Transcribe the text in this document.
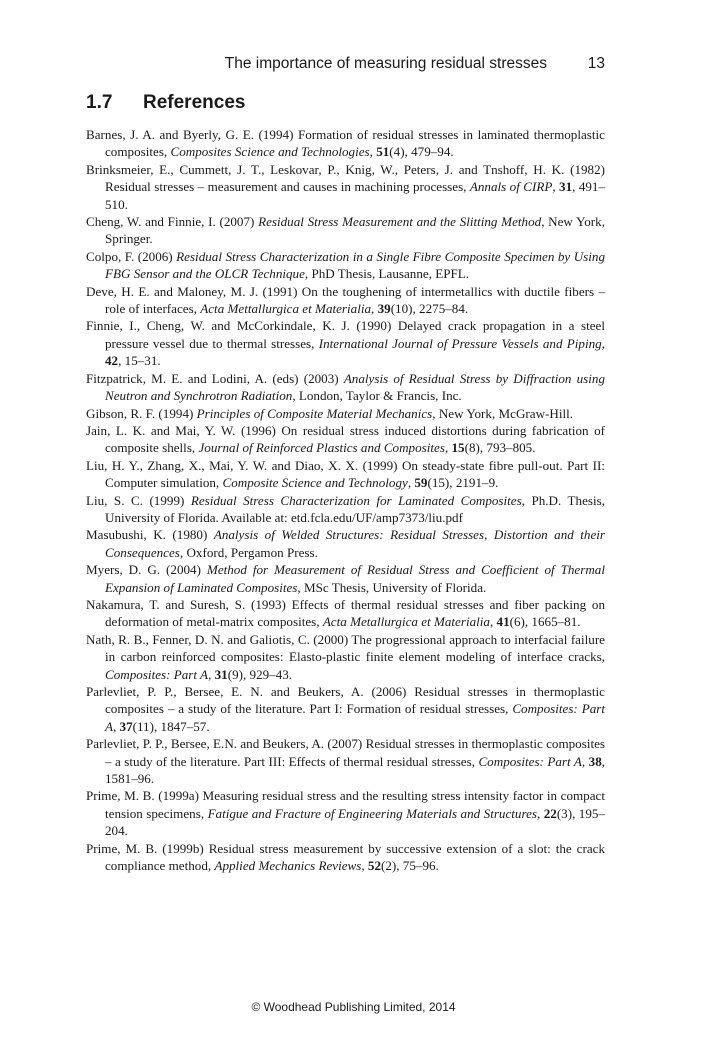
The importance of measuring residual stresses	13
1.7 References

Barnes, J. A. and Byerly, G. E. (1994) Formation of residual stresses in laminated thermoplastic composites, Composites Science and Technologies, 51(4), 479–94.

Brinksmeier, E., Cummett, J. T., Leskovar, P., Knig, W., Peters, J. and Tnshoff, H. K. (1982) Residual stresses – measurement and causes in machining processes, Annals of CIRP, 31, 491–510.

Cheng, W. and Finnie, I. (2007) Residual Stress Measurement and the Slitting Method, New York, Springer.

Colpo, F. (2006) Residual Stress Characterization in a Single Fibre Composite Specimen by Using FBG Sensor and the OLCR Technique, PhD Thesis, Lausanne, EPFL.

Deve, H. E. and Maloney, M. J. (1991) On the toughening of intermetallics with ductile fibers – role of interfaces, Acta Mettallurgica et Materialia, 39(10), 2275–84.

Finnie, I., Cheng, W. and McCorkindale, K. J. (1990) Delayed crack propagation in a steel pressure vessel due to thermal stresses, International Journal of Pressure Vessels and Piping, 42, 15–31.

Fitzpatrick, M. E. and Lodini, A. (eds) (2003) Analysis of Residual Stress by Diffraction using Neutron and Synchrotron Radiation, London, Taylor & Francis, Inc.

Gibson, R. F. (1994) Principles of Composite Material Mechanics, New York, McGraw-Hill.

Jain, L. K. and Mai, Y. W. (1996) On residual stress induced distortions during fabrication of composite shells, Journal of Reinforced Plastics and Composites, 15(8), 793–805.

Liu, H. Y., Zhang, X., Mai, Y. W. and Diao, X. X. (1999) On steady-state fibre pull-out. Part II: Computer simulation, Composite Science and Technology, 59(15), 2191–9.

Liu, S. C. (1999) Residual Stress Characterization for Laminated Composites, Ph.D. Thesis, University of Florida. Available at: etd.fcla.edu/UF/amp7373/liu.pdf

Masubushi, K. (1980) Analysis of Welded Structures: Residual Stresses, Distortion and their Consequences, Oxford, Pergamon Press.

Myers, D. G. (2004) Method for Measurement of Residual Stress and Coefficient of Thermal Expansion of Laminated Composites, MSc Thesis, University of Florida.

Nakamura, T. and Suresh, S. (1993) Effects of thermal residual stresses and fiber packing on deformation of metal-matrix composites, Acta Metallurgica et Materialia, 41(6), 1665–81.

Nath, R. B., Fenner, D. N. and Galiotis, C. (2000) The progressional approach to interfacial failure in carbon reinforced composites: Elasto-plastic finite element modeling of interface cracks, Composites: Part A, 31(9), 929–43.

Parlevliet, P. P., Bersee, E. N. and Beukers, A. (2006) Residual stresses in thermoplastic composites – a study of the literature. Part I: Formation of residual stresses, Composites: Part A, 37(11), 1847–57.

Parlevliet, P. P., Bersee, E.N. and Beukers, A. (2007) Residual stresses in thermoplastic composites – a study of the literature. Part III: Effects of thermal residual stresses, Composites: Part A, 38, 1581–96.

Prime, M. B. (1999a) Measuring residual stress and the resulting stress intensity factor in compact tension specimens, Fatigue and Fracture of Engineering Materials and Structures, 22(3), 195–204.

Prime, M. B. (1999b) Residual stress measurement by successive extension of a slot: the crack compliance method, Applied Mechanics Reviews, 52(2), 75–96.

© Woodhead Publishing Limited, 2014
